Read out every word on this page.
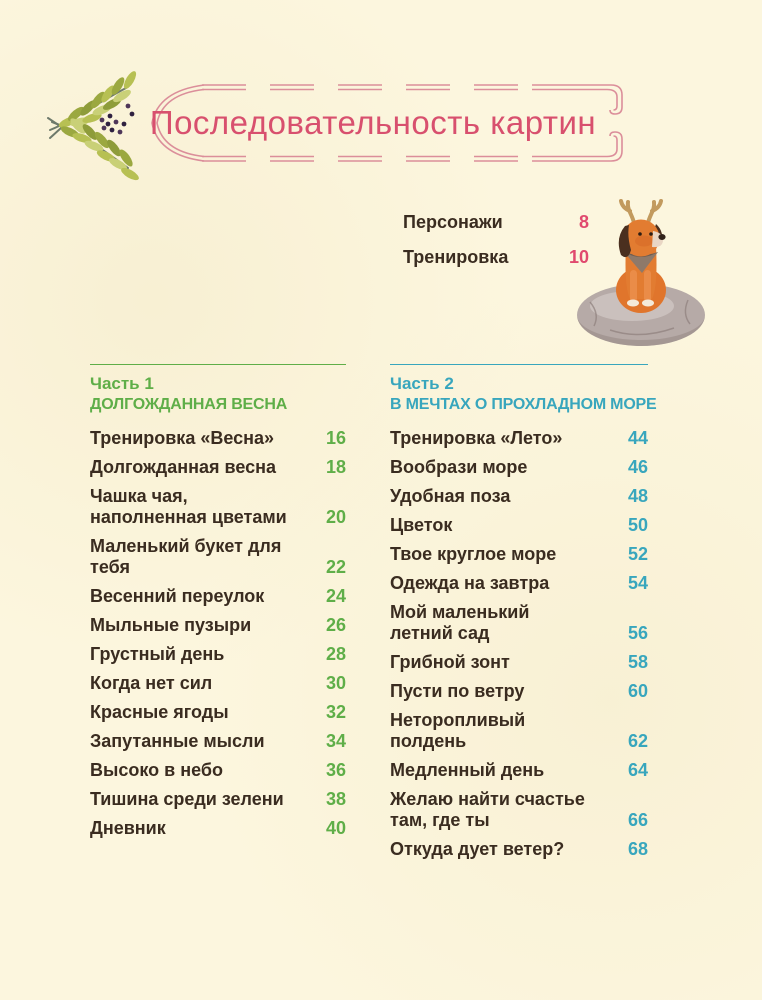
Последовательность картин
Персонажи	8
Тренировка	10
Часть 1
ДОЛГОЖДАННАЯ ВЕСНА
Тренировка «Весна»	16
Долгожданная весна	18
Чашка чая, наполненная цветами	20
Маленький букет для тебя	22
Весенний переулок	24
Мыльные пузыри	26
Грустный день	28
Когда нет сил	30
Красные ягоды	32
Запутанные мысли	34
Высоко в небо	36
Тишина среди зелени 38
Дневник	40
Часть 2
В МЕЧТАХ О ПРОХЛАДНОМ МОРЕ
Тренировка «Лето»	44
Вообрази море	46
Удобная поза	48
Цветок	50
Твое круглое море	52
Одежда на завтра	54
Мой маленький летний сад	56
Грибной зонт	58
Пусти по ветру	60
Неторопливый полдень	62
Медленный день	64
Желаю найти счастье там, где ты	66
Откуда дует ветер?	68
